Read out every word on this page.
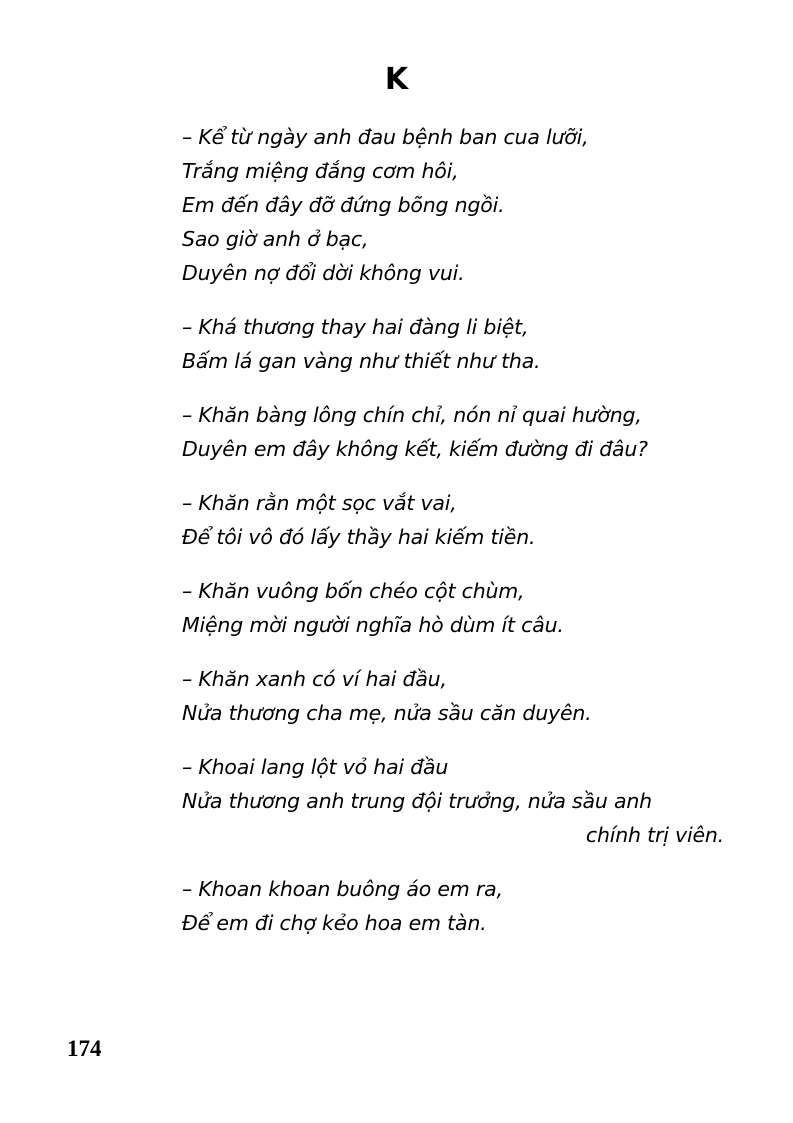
K
– Kể từ ngày anh đau bệnh ban cua lưỡi,
Trắng miệng đắng cơm hôi,
Em đến đây đỡ đứng bõng ngồi.
Sao giờ anh ở bạc,
Duyên nợ đổi dời không vui.
– Khá thương thay hai đàng li biệt,
Bấm lá gan vàng như thiết như tha.
– Khăn bàng lông chín chỉ, nón nỉ quai hường,
Duyên em đây không kết, kiếm đường đi đâu?
– Khăn rằn một sọc vắt vai,
Để tôi vô đó lấy thầy hai kiếm tiền.
– Khăn vuông bốn chéo cột chùm,
Miệng mời người nghĩa hò dùm ít câu.
– Khăn xanh có ví hai đầu,
Nửa thương cha mẹ, nửa sầu căn duyên.
– Khoai lang lột vỏ hai đầu
Nửa thương anh trung đội trưởng, nửa sầu anh
chính trị viên.
– Khoan khoan buông áo em ra,
Để em đi chợ kẻo hoa em tàn.
174
